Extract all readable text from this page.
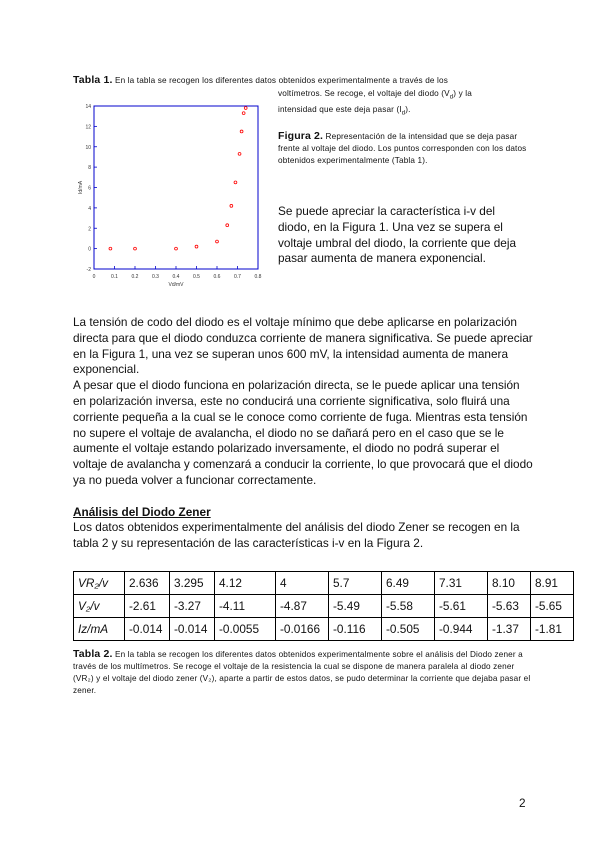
Tabla 1. En la tabla se recogen los diferentes datos obtenidos experimentalmente a través de los
voltímetros. Se recoge, el voltaje del diodo $(V_d)$ y la
intensidad que este deja pasar $(I_d)$.
0	0.1	0.2	0.3	0.4	0.5	0.6	0.7	0.8
-2
0
2
4
6
8
10
12
14
Vd/mV
Id/mA
Figura 2. Representación de la intensidad que se deja pasar frente al voltaje del diodo. Los puntos corresponden con los datos obtenidos experimentalmente (Tabla 1).
Se puede apreciar la característica i-v del diodo, en la Figura 1. Una vez se supera el voltaje umbral del diodo, la corriente que deja pasar aumenta de manera exponencial.
La tensión de codo del diodo es el voltaje mínimo que debe aplicarse en polarización directa para que el diodo conduzca corriente de manera significativa. Se puede apreciar en la Figura 1, una vez se superan unos 600 mV, la intensidad aumenta de manera exponencial.
A pesar que el diodo funciona en polarización directa, se le puede aplicar una tensión en polarización inversa, este no conducirá una corriente significativa, solo fluirá una corriente pequeña a la cual se le conoce como corriente de fuga. Mientras esta tensión no supere el voltaje de avalancha, el diodo no se dañará pero en el caso que se le aumente el voltaje estando polarizado inversamente, el diodo no podrá superar el voltaje de avalancha y comenzará a conducir la corriente, lo que provocará que el diodo ya no pueda volver a funcionar correctamente.
Análisis del Diodo Zener
Los datos obtenidos experimentalmente del análisis del diodo Zener se recogen en la tabla 2 y su representación de las características i-v en la Figura 2.
VR₂/v	2.636	3.295	4.12	4	5.7	6.49	7.31	8.10	8.91
V₂/v	-2.61	-3.27	-4.11	-4.87	-5.49	-5.58	-5.61	-5.63	-5.65
Iz/mA	-0.014	-0.014	-0.0055	-0.0166	-0.116	-0.505	-0.944	-1.37	-1.81
Tabla 2. En la tabla se recogen los diferentes datos obtenidos experimentalmente sobre el análisis del Diodo zener a través de los multímetros. Se recoge el voltaje de la resistencia la cual se dispone de manera paralela al diodo zener (VR₂) y el voltaje del diodo zener (V₂), aparte a partir de estos datos, se pudo determinar la corriente que dejaba pasar el zener.
2
